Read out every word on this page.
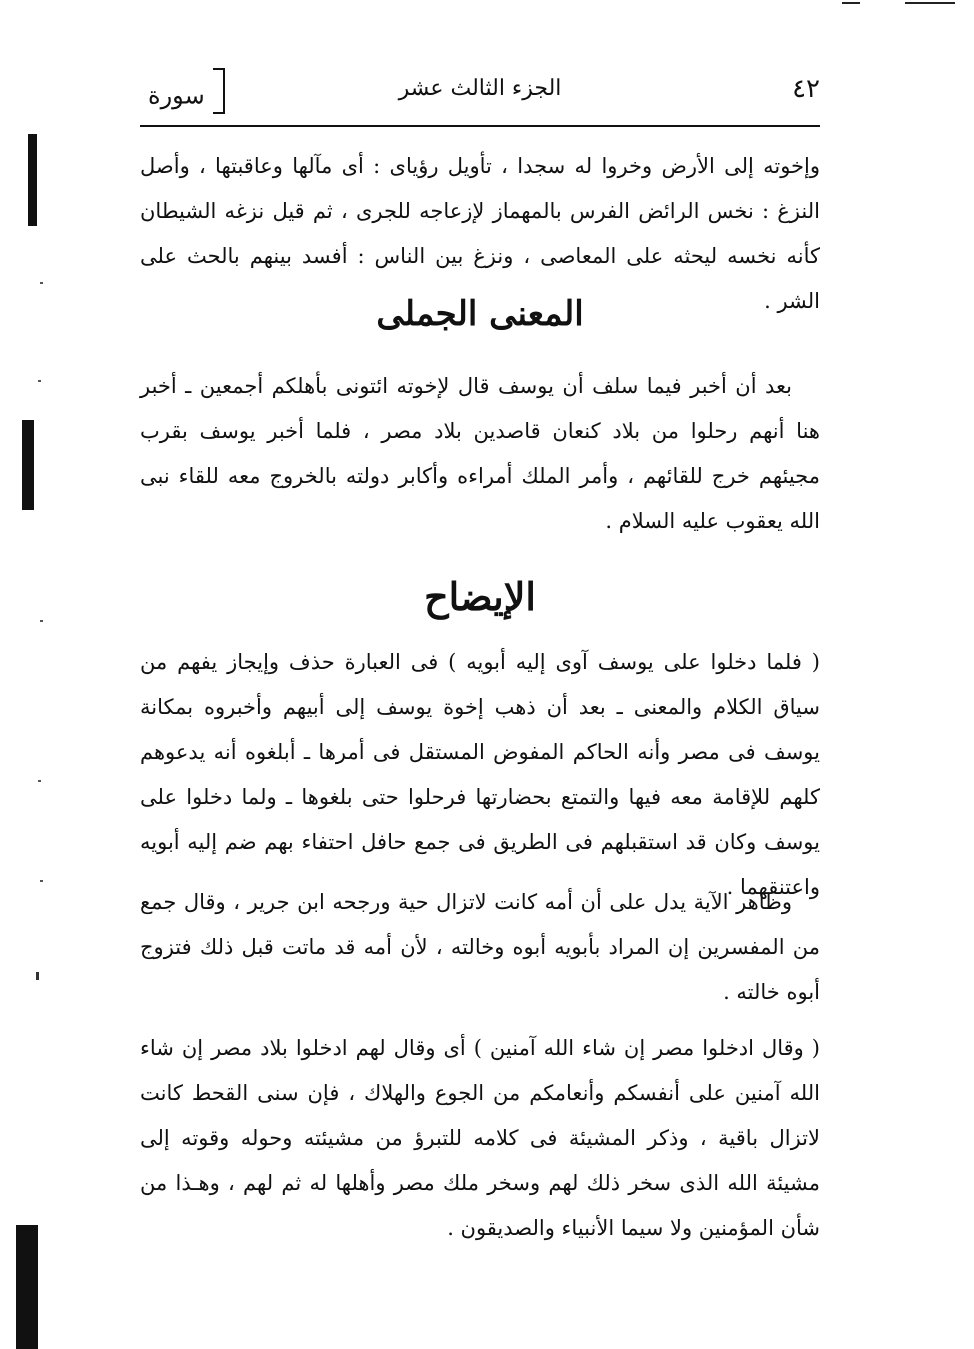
٤٢
الجزء الثالث عشر
سورة
وإخوته إلى الأرض وخروا له سجدا ، تأويل رؤياى : أى مآلها وعاقبتها ، وأصل النزغ : نخس الرائض الفرس بالمهماز لإزعاجه للجرى ، ثم قيل نزغه الشيطان كأنه نخسه ليحثه على المعاصى ، ونزغ بين الناس : أفسد بينهم بالحث على الشر .
المعنى الجملى
بعد أن أخبر فيما سلف أن يوسف قال لإخوته ائتونى بأهلكم أجمعين ـ أخبر هنا أنهم رحلوا من بلاد كنعان قاصدين بلاد مصر ، فلما أخبر يوسف بقرب مجيئهم خرج للقائهم ، وأمر الملك أمراءه وأكابر دولته بالخروج معه للقاء نبى الله يعقوب عليه السلام .
الإيضاح
( فلما دخلوا على يوسف آوى إليه أبويه ) فى العبارة حذف وإيجاز يفهم من سياق الكلام والمعنى ـ بعد أن ذهب إخوة يوسف إلى أبيهم وأخبروه بمكانة يوسف فى مصر وأنه الحاكم المفوض المستقل فى أمرها ـ أبلغوه أنه يدعوهم كلهم للإقامة معه فيها والتمتع بحضارتها فرحلوا حتى بلغوها ـ ولما دخلوا على يوسف وكان قد استقبلهم فى الطريق فى جمع حافل احتفاء بهم ضم إليه أبويه واعتنقهما .
وظاهر الآية يدل على أن أمه كانت لاتزال حية ورجحه ابن جرير ، وقال جمع من المفسرين إن المراد بأبويه أبوه وخالته ، لأن أمه قد ماتت قبل ذلك فتزوج أبوه خالته .
( وقال ادخلوا مصر إن شاء الله آمنين ) أى وقال لهم ادخلوا بلاد مصر إن شاء الله آمنين على أنفسكم وأنعامكم من الجوع والهلاك ، فإن سنى القحط كانت لاتزال باقية ، وذكر المشيئة فى كلامه للتبرؤ من مشيئته وحوله وقوته إلى مشيئة الله الذى سخر ذلك لهم وسخر ملك مصر وأهلها له ثم لهم ، وهـذا من شأن المؤمنين ولا سيما الأنبياء والصديقون .
